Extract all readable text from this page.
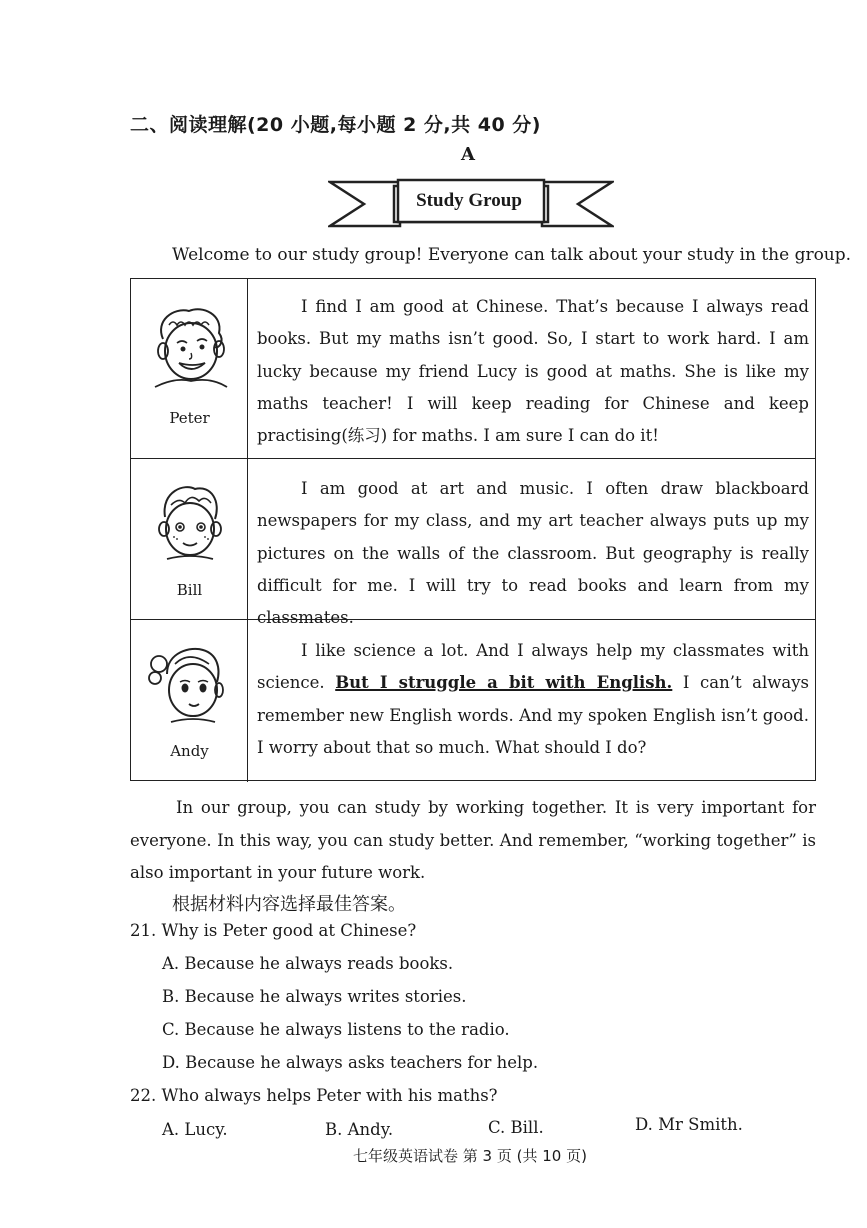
二、阅读理解(20 小题,每小题 2 分,共 40 分)
A
Study Group
Welcome to our study group! Everyone can talk about your study in the group.
Peter

I find I am good at Chinese. That’s because I always read books. But my maths isn’t good. So, I start to work hard. I am lucky because my friend Lucy is good at maths. She is like my maths teacher! I will keep reading for Chinese and keep practising(练习) for maths. I am sure I can do it!

Bill

I am good at art and music. I often draw blackboard newspapers for my class, and my art teacher always puts up my pictures on the walls of the classroom. But geography is really difficult for me. I will try to read books and learn from my classmates.

Andy

I like science a lot. And I always help my classmates with science. But I struggle a bit with English. I can’t always remember new English words. And my spoken English isn’t good. I worry about that so much. What should I do?

In our group, you can study by working together. It is very important for everyone. In this way, you can study better. And remember, “working together” is also important in your future work.

根据材料内容选择最佳答案。
21. Why is Peter good at Chinese?
A. Because he always reads books.
B. Because he always writes stories.
C. Because he always listens to the radio.
D. Because he always asks teachers for help.
22. Who always helps Peter with his maths?
A. Lucy.	B. Andy.	C. Bill.	D. Mr Smith.
七年级英语试卷 第 3 页 (共 10 页)
